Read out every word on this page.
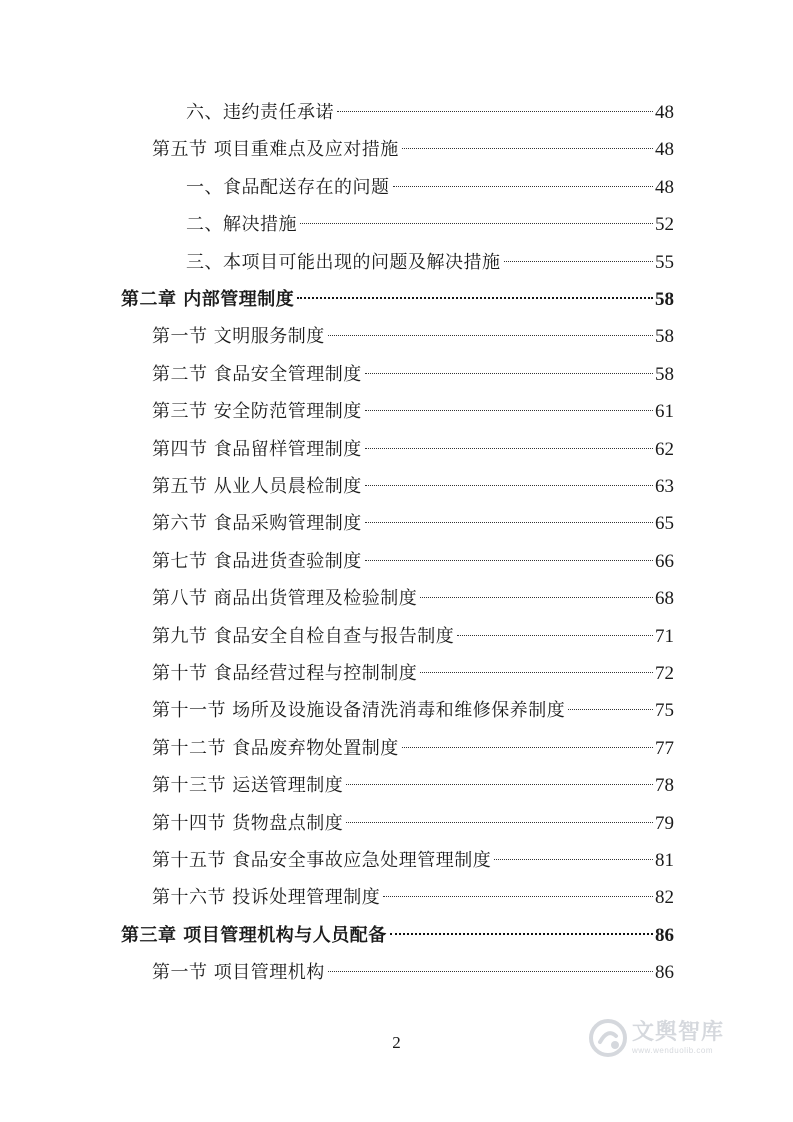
六、违约责任承诺	48
第五节 项目重难点及应对措施	48
一、食品配送存在的问题	48
二、解决措施	52
三、本项目可能出现的问题及解决措施	55
第二章 内部管理制度	58
第一节 文明服务制度	58
第二节 食品安全管理制度	58
第三节 安全防范管理制度	61
第四节 食品留样管理制度	62
第五节 从业人员晨检制度	63
第六节 食品采购管理制度	65
第七节 食品进货查验制度	66
第八节 商品出货管理及检验制度	68
第九节 食品安全自检自查与报告制度	71
第十节 食品经营过程与控制制度	72
第十一节 场所及设施设备清洗消毒和维修保养制度	75
第十二节 食品废弃物处置制度	77
第十三节 运送管理制度	78
第十四节 货物盘点制度	79
第十五节 食品安全事故应急处理管理制度	81
第十六节 投诉处理管理制度	82
第三章 项目管理机构与人员配备	86
第一节 项目管理机构	86
2	文舆智库
www.wenduolib.com
